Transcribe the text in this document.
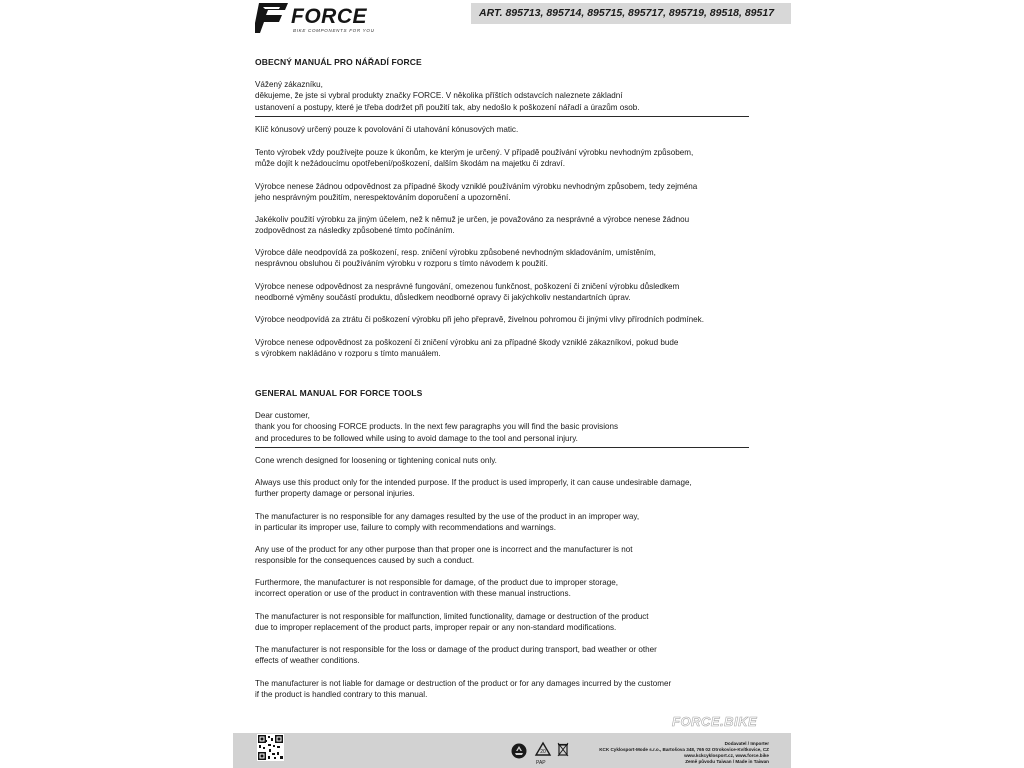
FORCE
BIKE COMPONENTS FOR YOU
ART. 895713, 895714, 895715, 895717, 895719, 89518, 89517
OBECNÝ MANUÁL PRO NÁŘADÍ FORCE
Vážený zákazníku,
děkujeme, že jste si vybral produkty značky FORCE. V několika příštích odstavcích naleznete základní
ustanovení a postupy, které je třeba dodržet při použití tak, aby nedošlo k poškození nářadí a úrazům osob.
Klíč kónusový určený pouze k povolování či utahování kónusových matic.
Tento výrobek vždy používejte pouze k úkonům, ke kterým je určený. V případě používání výrobku nevhodným způsobem,
může dojít k nežádoucímu opotřebení/poškození, dalším škodám na majetku či zdraví.
Výrobce nenese žádnou odpovědnost za případné škody vzniklé používáním výrobku nevhodným způsobem, tedy zejména
jeho nesprávným použitím, nerespektováním doporučení a upozornění.
Jakékoliv použití výrobku za jiným účelem, než k němuž je určen, je považováno za nesprávné a výrobce nenese žádnou
zodpovědnost za následky způsobené tímto počínáním.
Výrobce dále neodpovídá za poškození, resp. zničení výrobku způsobené nevhodným skladováním, umístěním,
nesprávnou obsluhou či používáním výrobku v rozporu s tímto návodem k použití.
Výrobce nenese odpovědnost za nesprávné fungování, omezenou funkčnost, poškození či zničení výrobku důsledkem
neodborné výměny součástí produktu, důsledkem neodborné opravy či jakýchkoliv nestandartních úprav.
Výrobce neodpovídá za ztrátu či poškození výrobku při jeho přepravě, živelnou pohromou či jinými vlivy přírodních podmínek.
Výrobce nenese odpovědnost za poškození či zničení výrobku ani za případné škody vzniklé zákazníkovi, pokud bude
s výrobkem nakládáno v rozporu s tímto manuálem.
GENERAL MANUAL FOR FORCE TOOLS
Dear customer,
thank you for choosing FORCE products. In the next few paragraphs you will find the basic provisions
and procedures to be followed while using to avoid damage to the tool and personal injury.
Cone wrench designed for loosening or tightening conical nuts only.
Always use this product only for the intended purpose. If the product is used improperly, it can cause undesirable damage,
further property damage or personal injuries.
The manufacturer is no responsible for any damages resulted by the use of the product in an improper way,
in particular its improper use, failure to comply with recommendations and warnings.
Any use of the product for any other purpose than that proper one is incorrect and the manufacturer is not
responsible for the consequences caused by such a conduct.
Furthermore, the manufacturer is not responsible for damage, of the product due to improper storage,
incorrect operation or use of the product in contravention with these manual instructions.
The manufacturer is not responsible for malfunction, limited functionality, damage or destruction of the product
due to improper replacement of the product parts, improper repair or any non-standard modifications.
The manufacturer is not responsible for the loss or damage of the product during transport, bad weather or other
effects of weather conditions.
The manufacturer is not liable for damage or destruction of the product or for any damages incurred by the customer
if the product is handled contrary to this manual.
FORCE.BIKE
20
PAP
Dodavatel / Importer
KCK Cyklosport-Mode s.r.o., Bartošova 348, 765 02 Otrokovice-Kvítkovice, CZ
www.kckcyklosport.cz, www.force.bike
Země původu Taiwan / Made in Taiwan
